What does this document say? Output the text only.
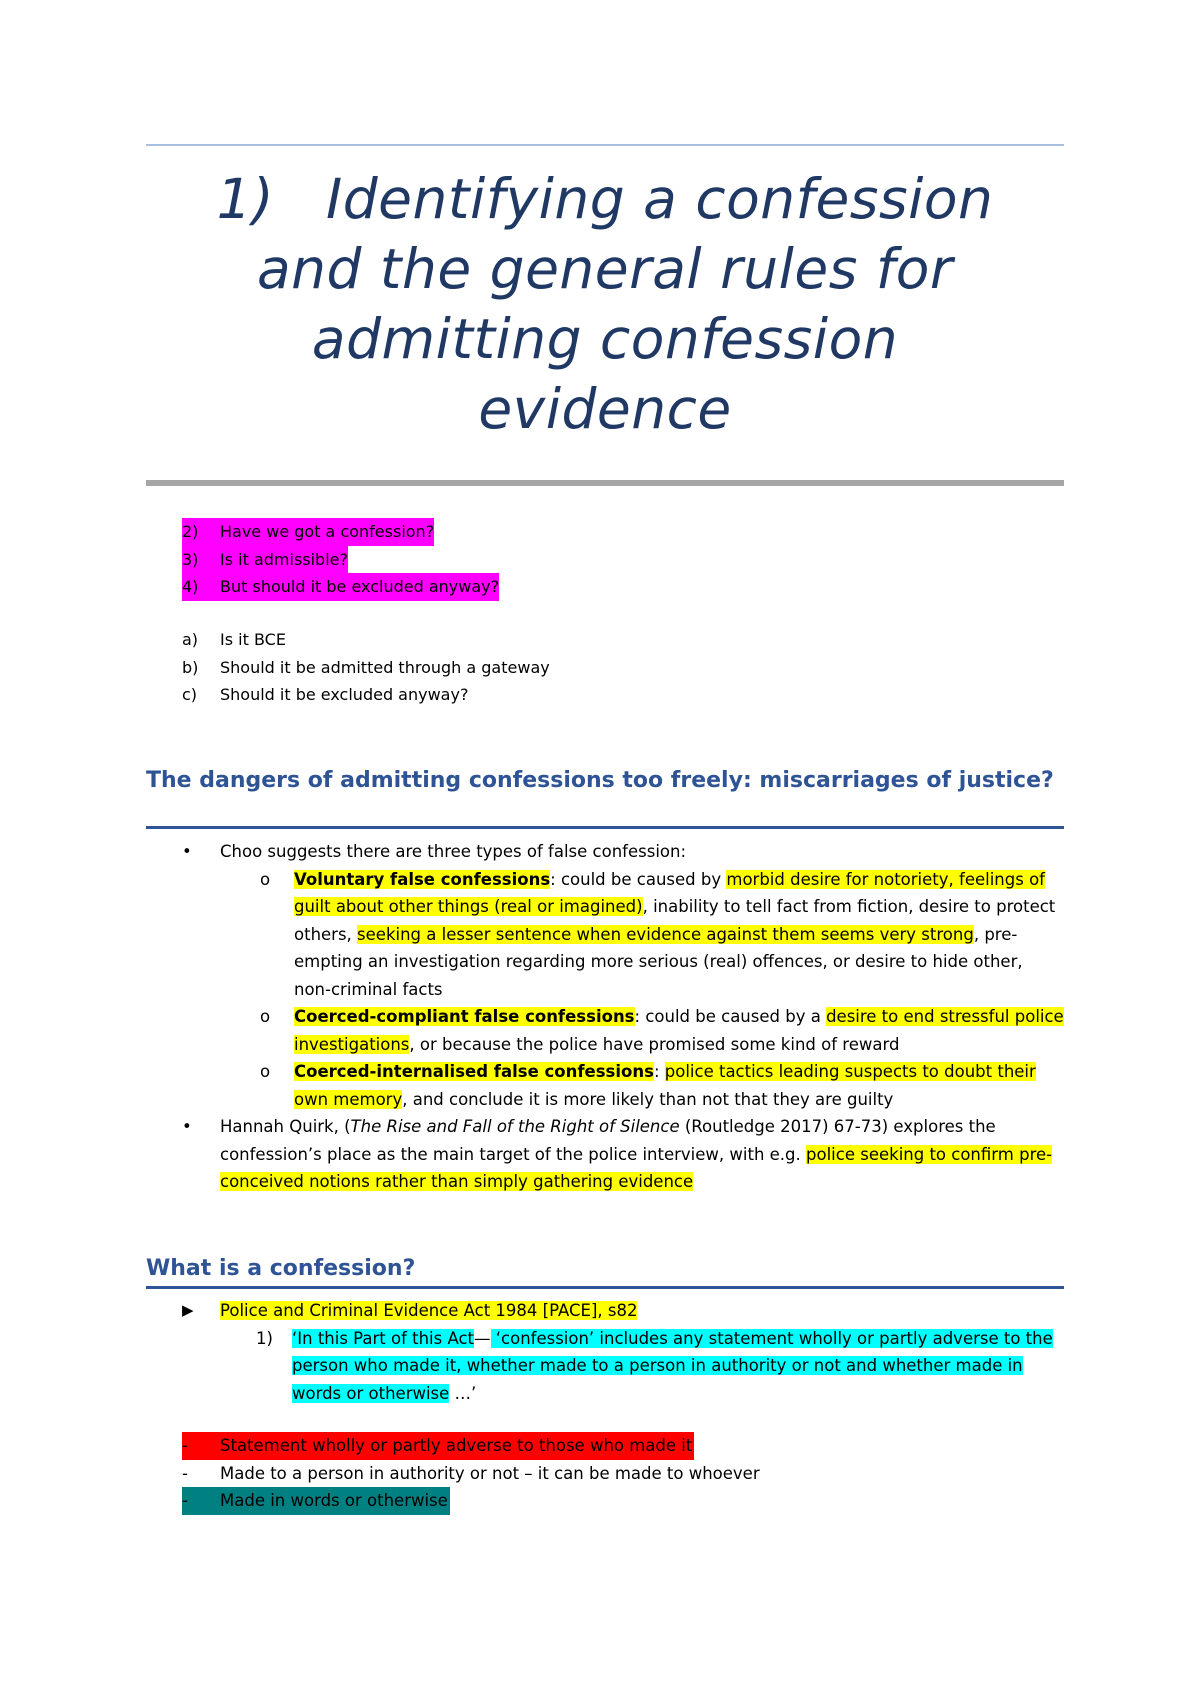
1) Identifying a confession
and the general rules for
admitting confession
evidence
2) Have we got a confession?
3) Is it admissible?
4) But should it be excluded anyway?
a) Is it BCE
b) Should it be admitted through a gateway
c) Should it be excluded anyway?
The dangers of admitting confessions too freely: miscarriages of justice?
• Choo suggests there are three types of false confession:
o Voluntary false confessions: could be caused by morbid desire for notoriety, feelings of guilt about other things (real or imagined), inability to tell fact from fiction, desire to protect others, seeking a lesser sentence when evidence against them seems very strong, pre-empting an investigation regarding more serious (real) offences, or desire to hide other, non-criminal facts
o Coerced-compliant false confessions: could be caused by a desire to end stressful police investigations, or because the police have promised some kind of reward
o Coerced-internalised false confessions: police tactics leading suspects to doubt their own memory, and conclude it is more likely than not that they are guilty
• Hannah Quirk, (The Rise and Fall of the Right of Silence (Routledge 2017) 67-73) explores the confession’s place as the main target of the police interview, with e.g. police seeking to confirm pre-conceived notions rather than simply gathering evidence
What is a confession?
▶ Police and Criminal Evidence Act 1984 [PACE], s82
1) ‘In this Part of this Act— ‘confession’ includes any statement wholly or partly adverse to the person who made it, whether made to a person in authority or not and whether made in words or otherwise …’
- Statement wholly or partly adverse to those who made it
- Made to a person in authority or not – it can be made to whoever
- Made in words or otherwise
